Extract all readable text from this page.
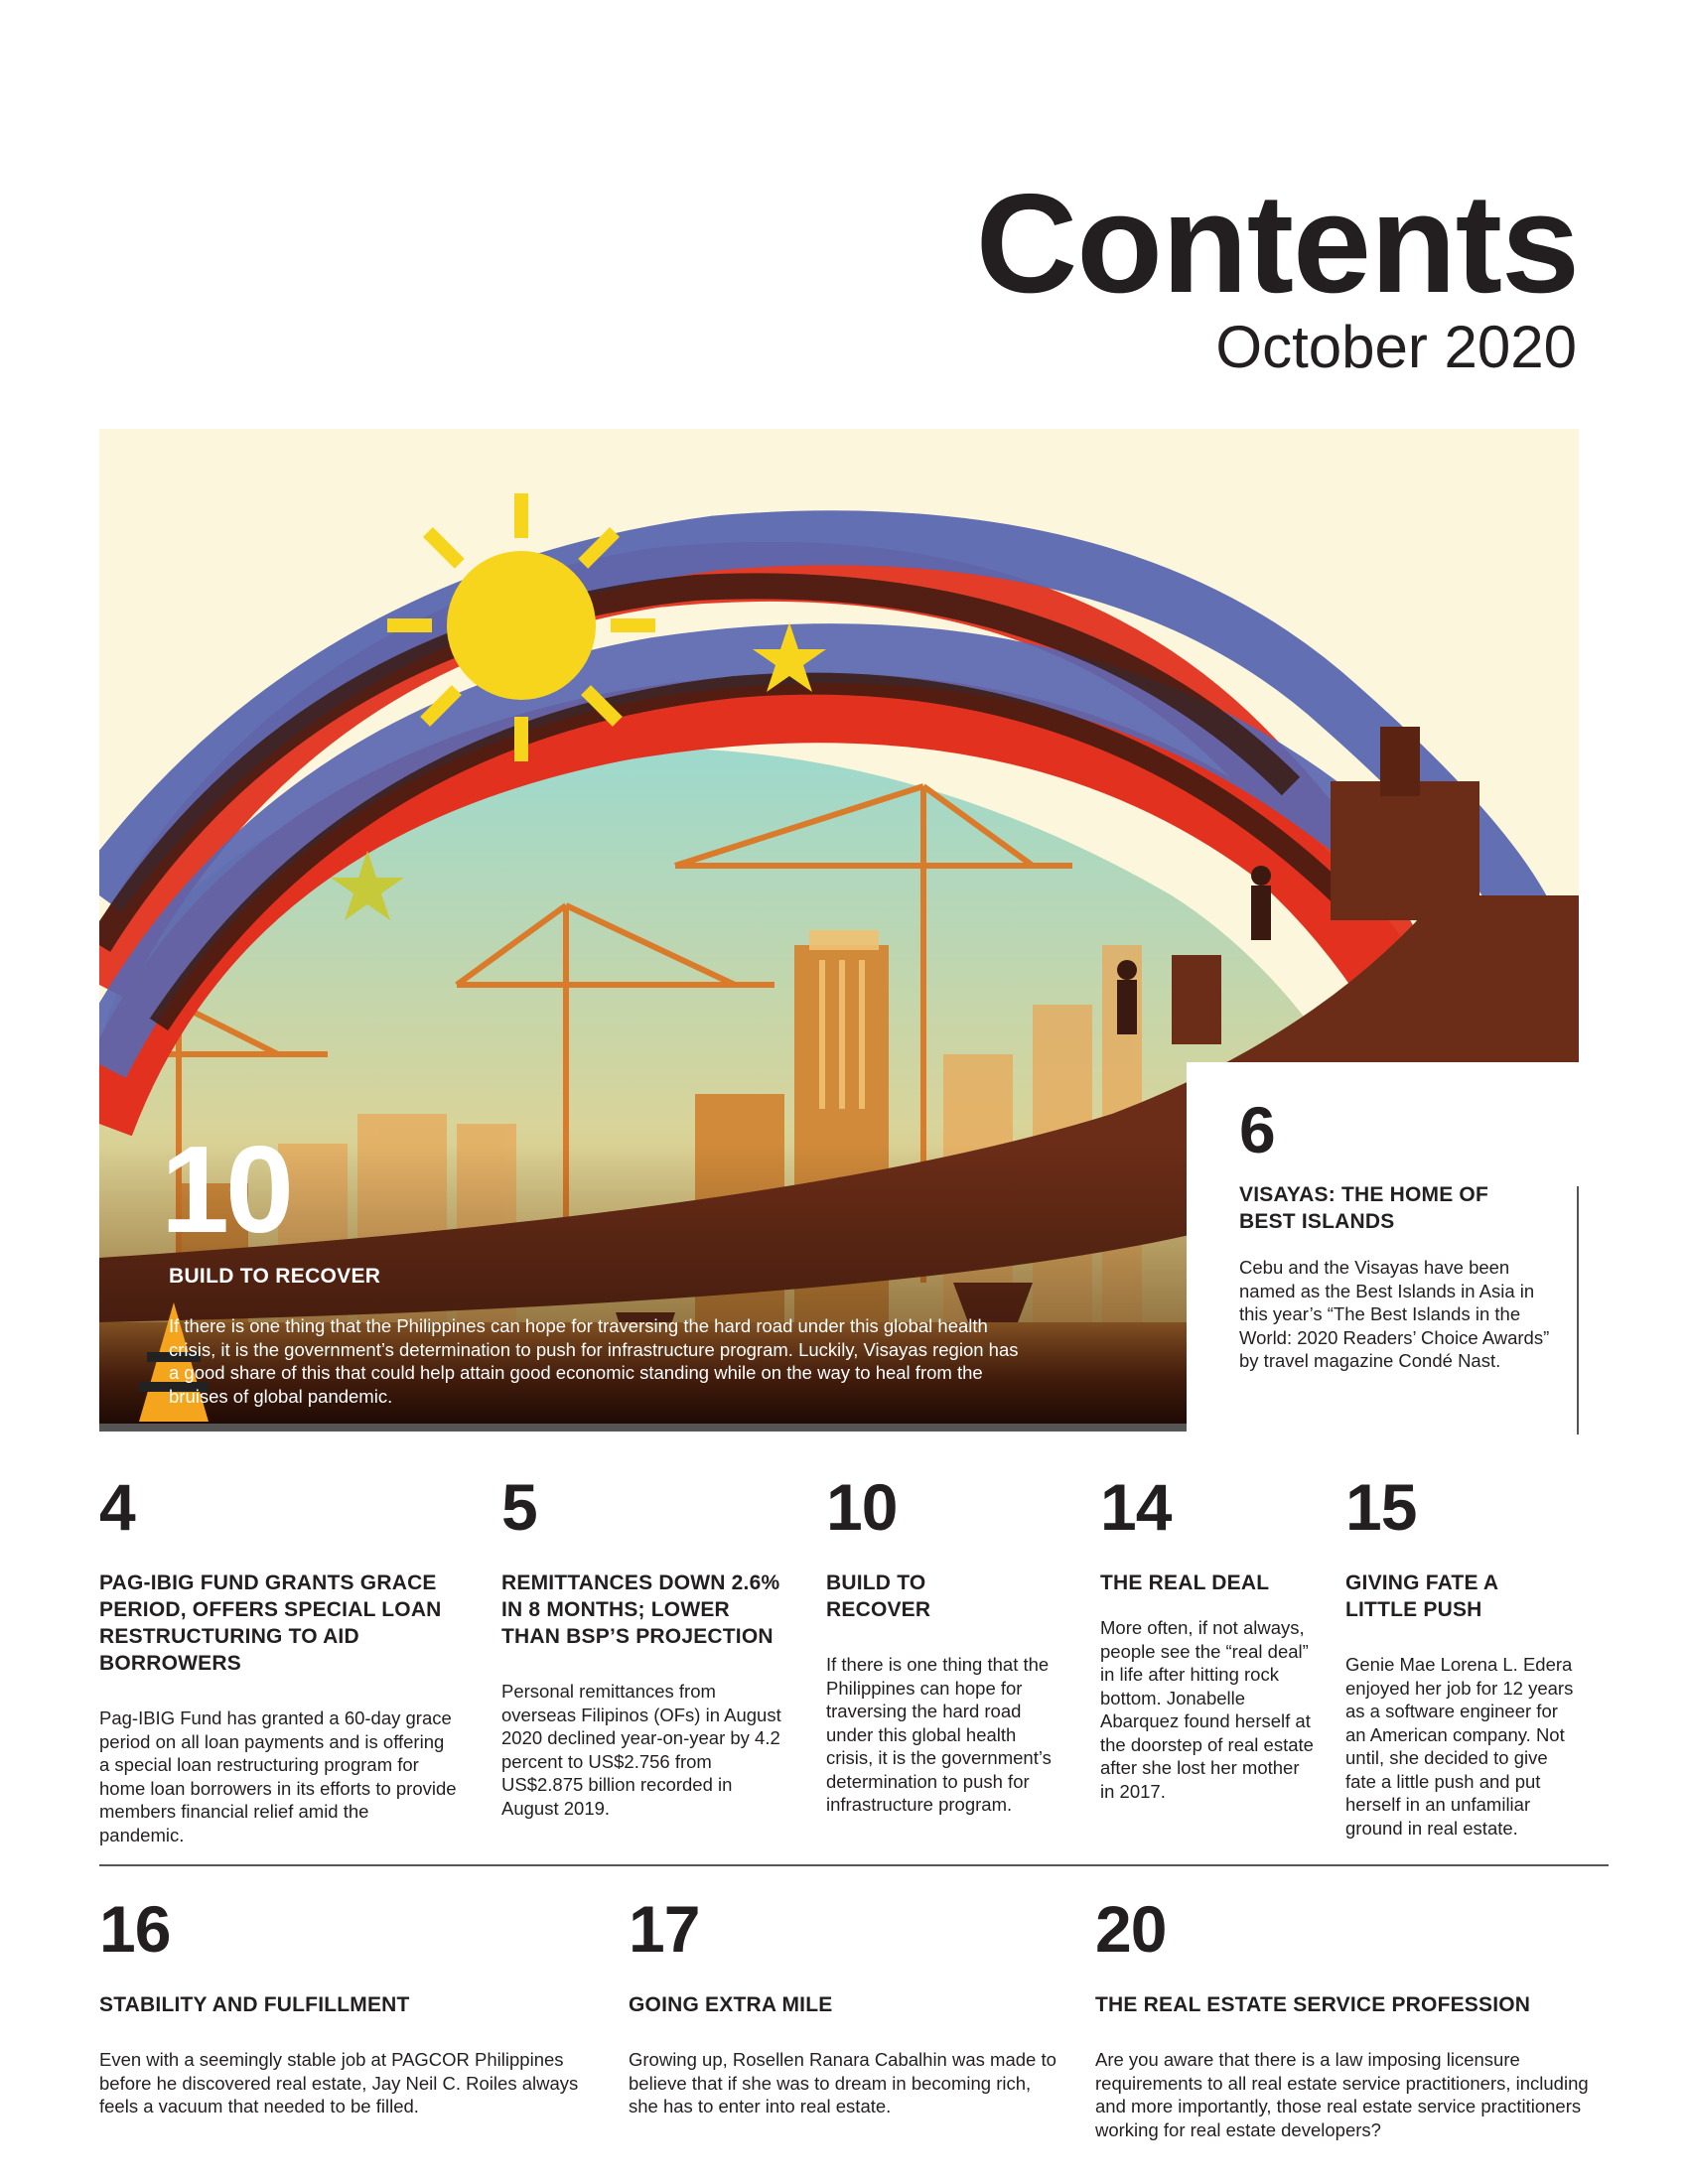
Contents
October 2020
10
BUILD TO RECOVER
If there is one thing that the Philippines can hope for traversing the hard road under this global health crisis, it is the government’s determination to push for infrastructure program. Luckily, Visayas region has a good share of this that could help attain good economic standing while on the way to heal from the bruises of global pandemic.
6
VISAYAS: THE HOME OF BEST ISLANDS
Cebu and the Visayas have been named as the Best Islands in Asia in this year’s “The Best Islands in the World: 2020 Readers’ Choice Awards” by travel magazine Condé Nast.
4
PAG-IBIG FUND GRANTS GRACE PERIOD, OFFERS SPECIAL LOAN RESTRUCTURING TO AID BORROWERS
Pag-IBIG Fund has granted a 60-day grace period on all loan payments and is offering a special loan restructuring program for home loan borrowers in its efforts to provide members financial relief amid the pandemic.
5
REMITTANCES DOWN 2.6% IN 8 MONTHS; LOWER THAN BSP’S PROJECTION
Personal remittances from overseas Filipinos (OFs) in August 2020 declined year-on-year by 4.2 percent to US$2.756 from US$2.875 billion recorded in August 2019.
10
BUILD TO RECOVER
If there is one thing that the Philippines can hope for traversing the hard road under this global health crisis, it is the government’s determination to push for infrastructure program.
14
THE REAL DEAL
More often, if not always, people see the “real deal” in life after hitting rock bottom. Jonabelle Abarquez found herself at the doorstep of real estate after she lost her mother in 2017.
15
GIVING FATE A LITTLE PUSH
Genie Mae Lorena L. Edera enjoyed her job for 12 years as a software engineer for an American company. Not until, she decided to give fate a little push and put herself in an unfamiliar ground in real estate.
16
STABILITY AND FULFILLMENT
Even with a seemingly stable job at PAGCOR Philippines before he discovered real estate, Jay Neil C. Roiles always feels a vacuum that needed to be filled.
17
GOING EXTRA MILE
Growing up, Rosellen Ranara Cabalhin was made to believe that if she was to dream in becoming rich, she has to enter into real estate.
20
THE REAL ESTATE SERVICE PROFESSION
Are you aware that there is a law imposing licensure requirements to all real estate service practitioners, including and more importantly, those real estate service practitioners working for real estate developers?
